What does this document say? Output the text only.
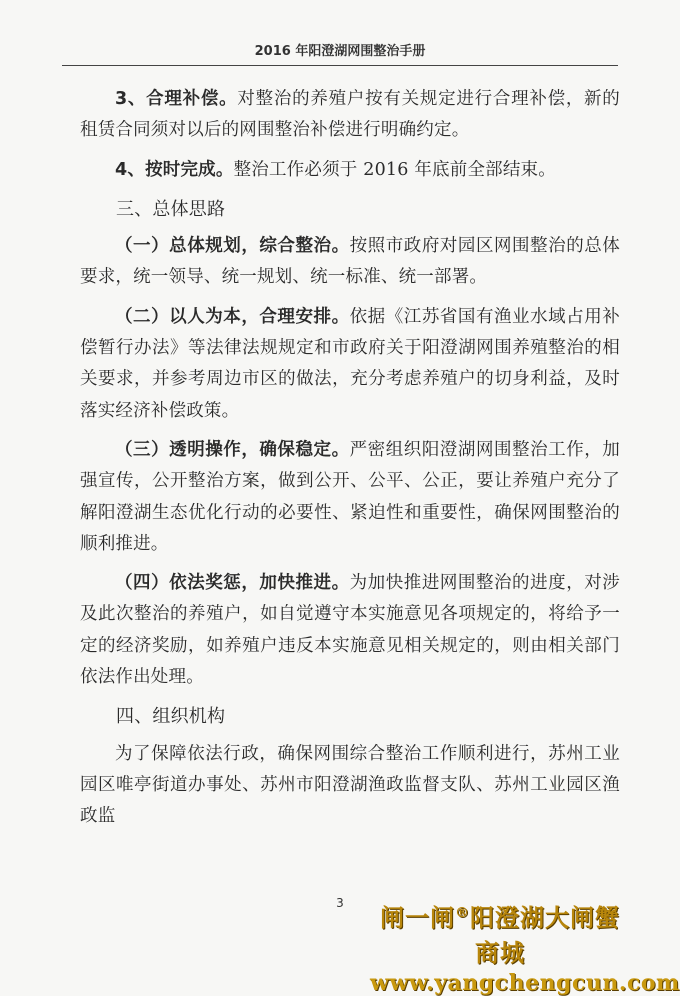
2016 年阳澄湖网围整治手册

3、合理补偿。对整治的养殖户按有关规定进行合理补偿，新的租赁合同须对以后的网围整治补偿进行明确约定。

4、按时完成。整治工作必须于 2016 年底前全部结束。

三、总体思路

（一）总体规划，综合整治。按照市政府对园区网围整治的总体要求，统一领导、统一规划、统一标准、统一部署。

（二）以人为本，合理安排。依据《江苏省国有渔业水域占用补偿暂行办法》等法律法规规定和市政府关于阳澄湖网围养殖整治的相关要求，并参考周边市区的做法，充分考虑养殖户的切身利益，及时落实经济补偿政策。

（三）透明操作，确保稳定。严密组织阳澄湖网围整治工作，加强宣传，公开整治方案，做到公开、公平、公正，要让养殖户充分了解阳澄湖生态优化行动的必要性、紧迫性和重要性，确保网围整治的顺利推进。

（四）依法奖惩，加快推进。为加快推进网围整治的进度，对涉及此次整治的养殖户，如自觉遵守本实施意见各项规定的，将给予一定的经济奖励，如养殖户违反本实施意见相关规定的，则由相关部门依法作出处理。

四、组织机构

为了保障依法行政，确保网围综合整治工作顺利进行，苏州工业园区唯亭街道办事处、苏州市阳澄湖渔政监督支队、苏州工业园区渔政监

3	闸一闸®阳澄湖大闸蟹商城
www.yangchengcun.com
